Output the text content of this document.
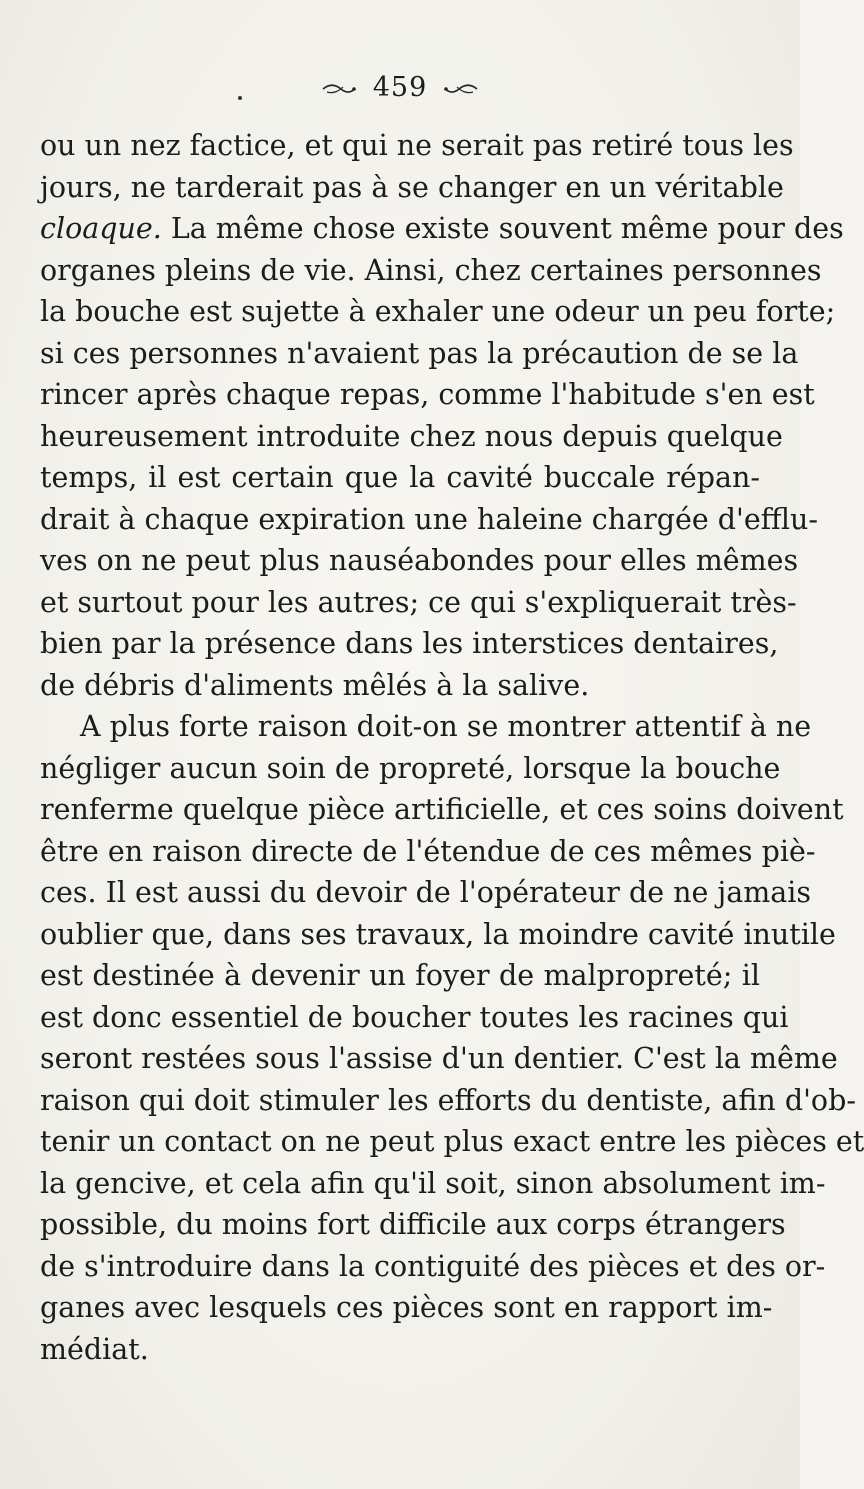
459
ou un nez factice, et qui ne serait pas retiré tous les
jours, ne tarderait pas à se changer en un véritable
cloaque. La même chose existe souvent même pour des
organes pleins de vie. Ainsi, chez certaines personnes
la bouche est sujette à exhaler une odeur un peu forte;
si ces personnes n'avaient pas la précaution de se la
rincer après chaque repas, comme l'habitude s'en est
heureusement introduite chez nous depuis quelque
temps, il est certain que la cavité buccale répan-
drait à chaque expiration une haleine chargée d'efflu-
ves on ne peut plus nauséabondes pour elles mêmes
et surtout pour les autres; ce qui s'expliquerait très-
bien par la présence dans les interstices dentaires,
de débris d'aliments mêlés à la salive.
A plus forte raison doit-on se montrer attentif à ne
négliger aucun soin de propreté, lorsque la bouche
renferme quelque pièce artificielle, et ces soins doivent
être en raison directe de l'étendue de ces mêmes piè-
ces. Il est aussi du devoir de l'opérateur de ne jamais
oublier que, dans ses travaux, la moindre cavité inutile
est destinée à devenir un foyer de malpropreté; il
est donc essentiel de boucher toutes les racines qui
seront restées sous l'assise d'un dentier. C'est la même
raison qui doit stimuler les efforts du dentiste, afin d'ob-
tenir un contact on ne peut plus exact entre les pièces et
la gencive, et cela afin qu'il soit, sinon absolument im-
possible, du moins fort difficile aux corps étrangers
de s'introduire dans la contiguité des pièces et des or-
ganes avec lesquels ces pièces sont en rapport im-
médiat.
